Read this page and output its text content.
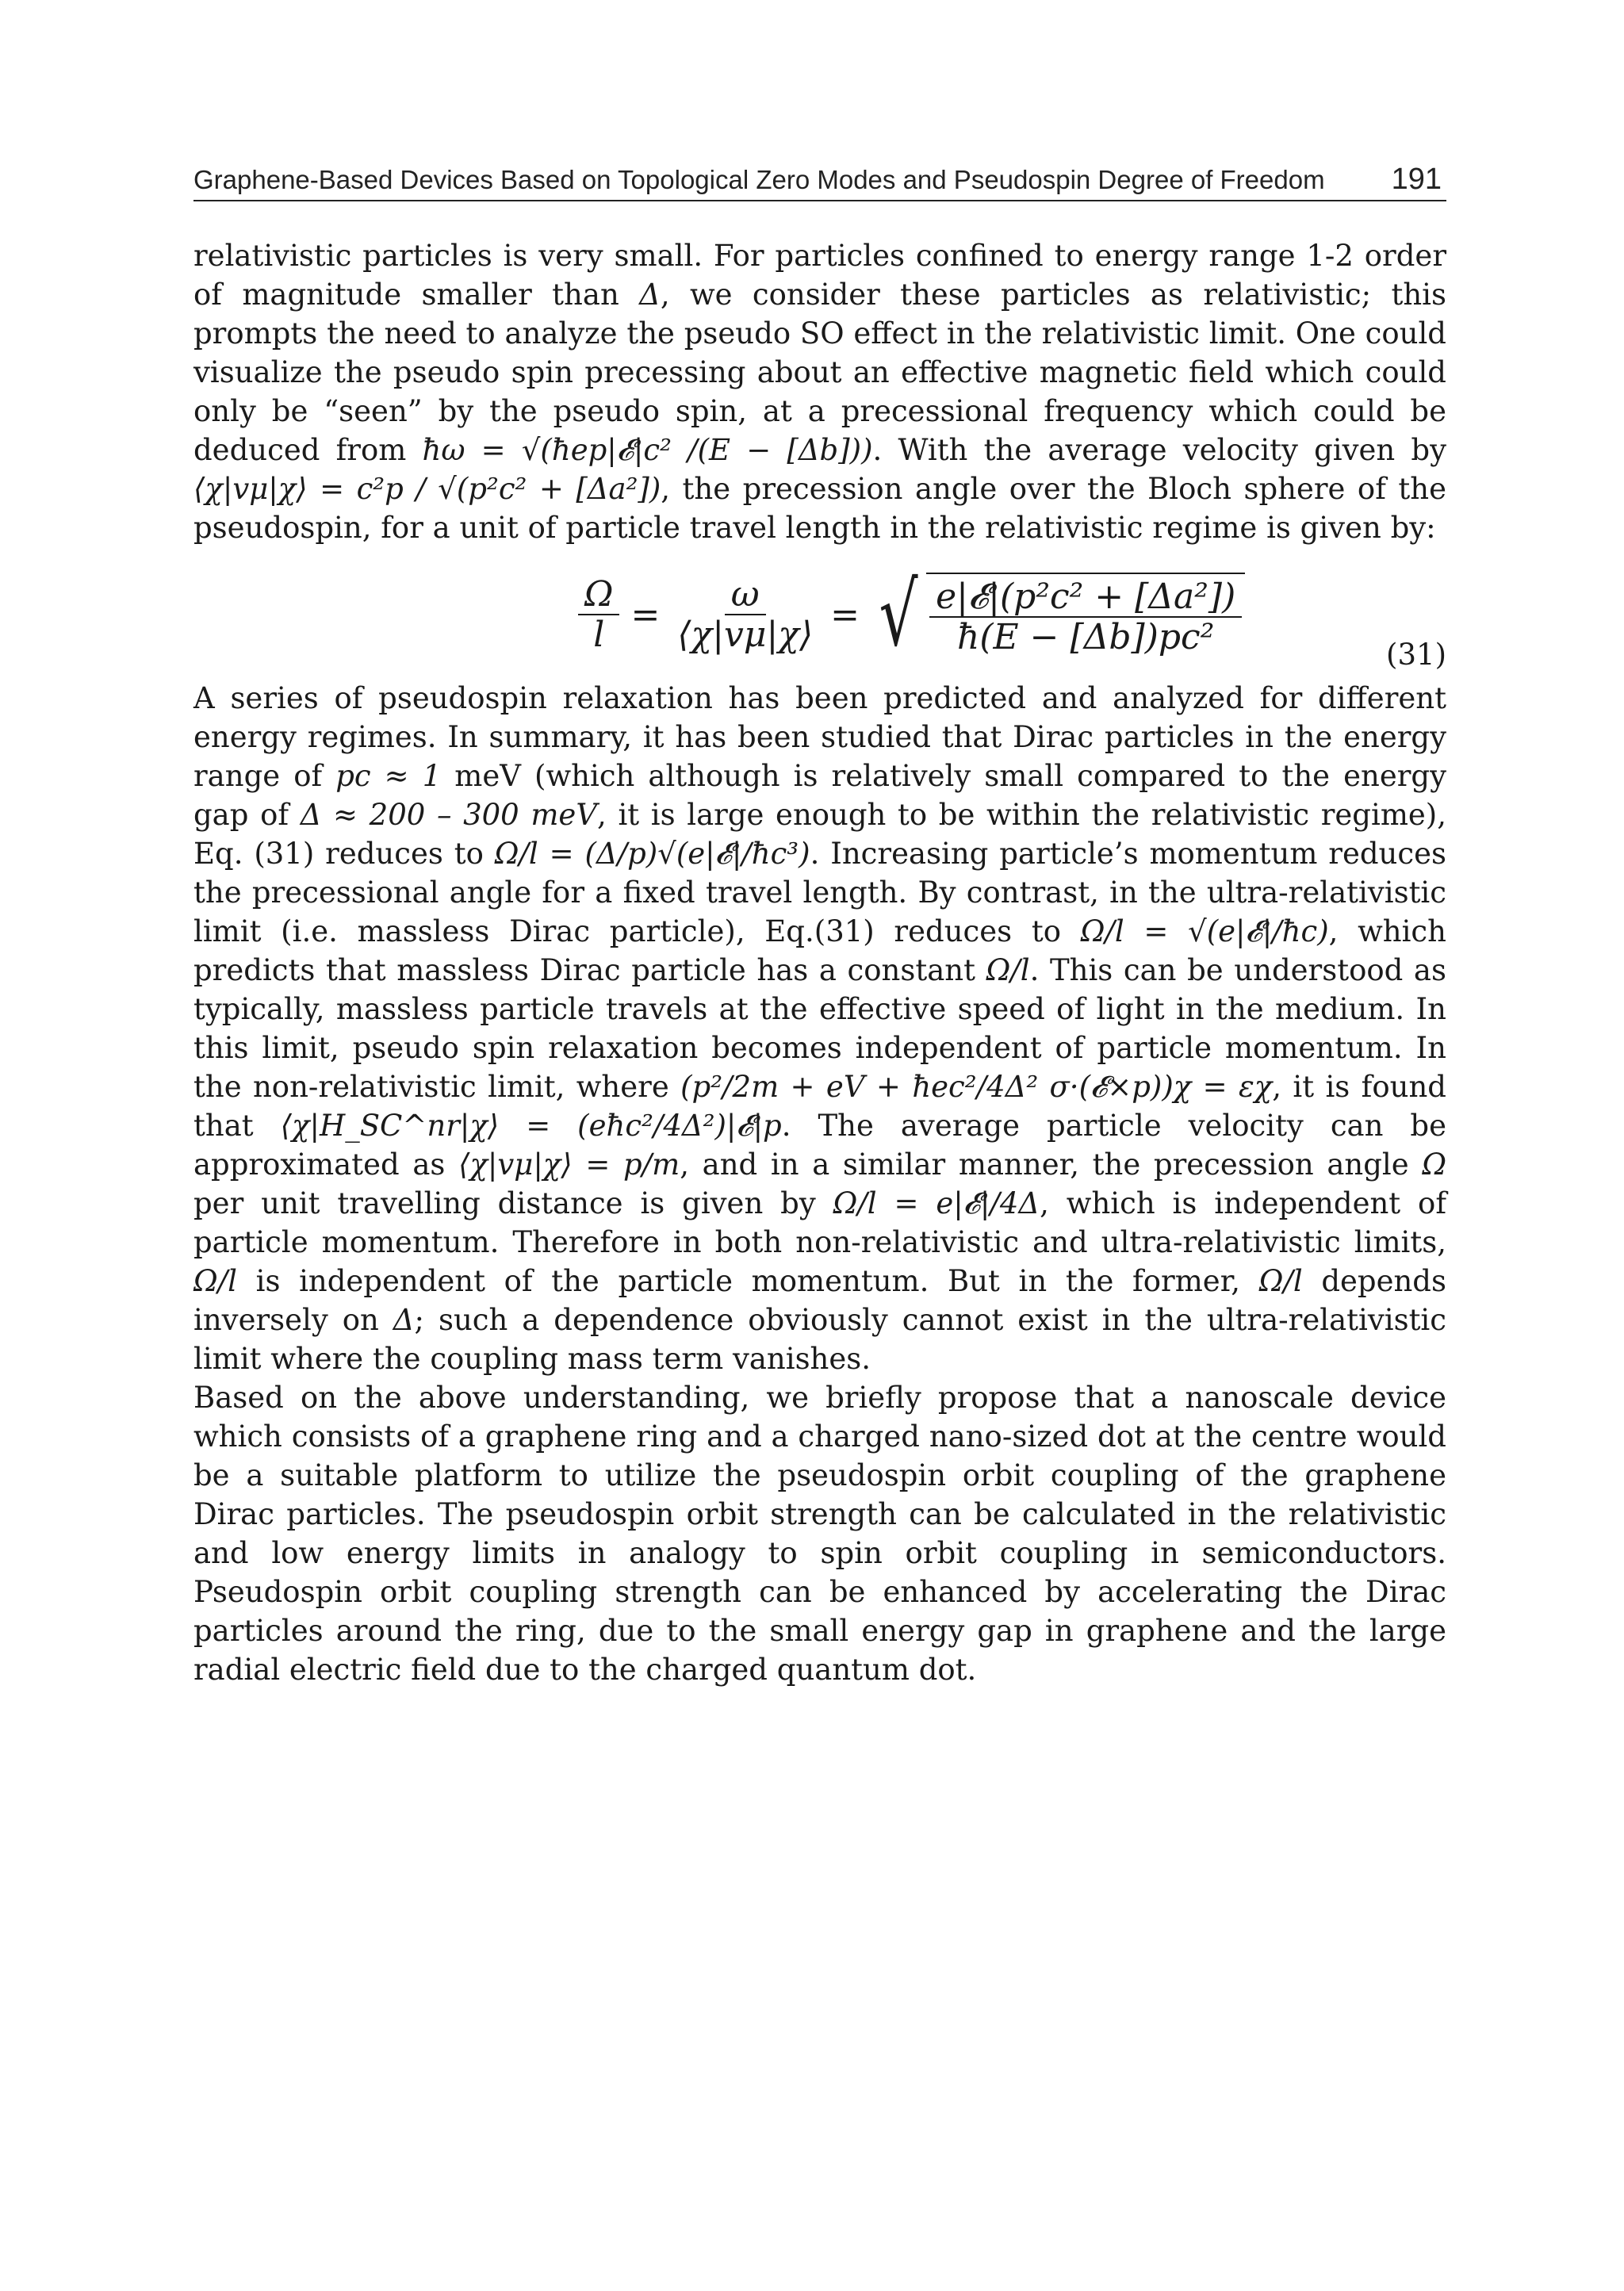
Graphene-Based Devices Based on Topological Zero Modes and Pseudospin Degree of Freedom 191

relativistic particles is very small. For particles confined to energy range 1-2 order of magnitude smaller than Δ, we consider these particles as relativistic; this prompts the need to analyze the pseudo SO effect in the relativistic limit. One could visualize the pseudo spin precessing about an effective magnetic field which could only be “seen” by the pseudo spin, at a precessional frequency which could be deduced from ħω = √(ħep|𝓔|c² /(E − [Δb])). With the average velocity given by ⟨χ|vμ|χ⟩ = c²p / √(p²c² + [Δa²]), the precession angle over the Bloch sphere of the pseudospin, for a unit of particle travel length in the relativistic regime is given by:

$\frac{\Omega}{l} = \frac{\omega}{⟨\chi|v\mu|\chi⟩}$ = √ $\frac{\text{e|𝓔|(p²c² + [Δa²])}}{\text{ħ(E − [Δb])pc²}}$	(31)

A series of pseudospin relaxation has been predicted and analyzed for different energy regimes. In summary, it has been studied that Dirac particles in the energy range of pc ≈ 1 meV (which although is relatively small compared to the energy gap of Δ ≈ 200 – 300 meV, it is large enough to be within the relativistic regime), Eq. (31) reduces to Ω/l = (Δ/p)√(e|𝓔|/ħc³). Increasing particle’s momentum reduces the precessional angle for a fixed travel length. By contrast, in the ultra-relativistic limit (i.e. massless Dirac particle), Eq.(31) reduces to Ω/l = √(e|𝓔|/ħc), which predicts that massless Dirac particle has a constant Ω/l. This can be understood as typically, massless particle travels at the effective speed of light in the medium. In this limit, pseudo spin relaxation becomes independent of particle momentum. In the non-relativistic limit, where (p²/2m + eV + ħec²/4Δ² σ·(𝓔×p))χ = εχ, it is found that ⟨χ|H_SC^nr|χ⟩ = (eħc²/4Δ²)|𝓔|p. The average particle velocity can be approximated as ⟨χ|vμ|χ⟩ = p/m, and in a similar manner, the precession angle Ω per unit travelling distance is given by Ω/l = e|𝓔|/4Δ, which is independent of particle momentum. Therefore in both non-relativistic and ultra-relativistic limits, Ω/l is independent of the particle momentum. But in the former, Ω/l depends inversely on Δ; such a dependence obviously cannot exist in the ultra-relativistic limit where the coupling mass term vanishes.

Based on the above understanding, we briefly propose that a nanoscale device which consists of a graphene ring and a charged nano-sized dot at the centre would be a suitable platform to utilize the pseudospin orbit coupling of the graphene Dirac particles. The pseudospin orbit strength can be calculated in the relativistic and low energy limits in analogy to spin orbit coupling in semiconductors. Pseudospin orbit coupling strength can be enhanced by accelerating the Dirac particles around the ring, due to the small energy gap in graphene and the large radial electric field due to the charged quantum dot.
